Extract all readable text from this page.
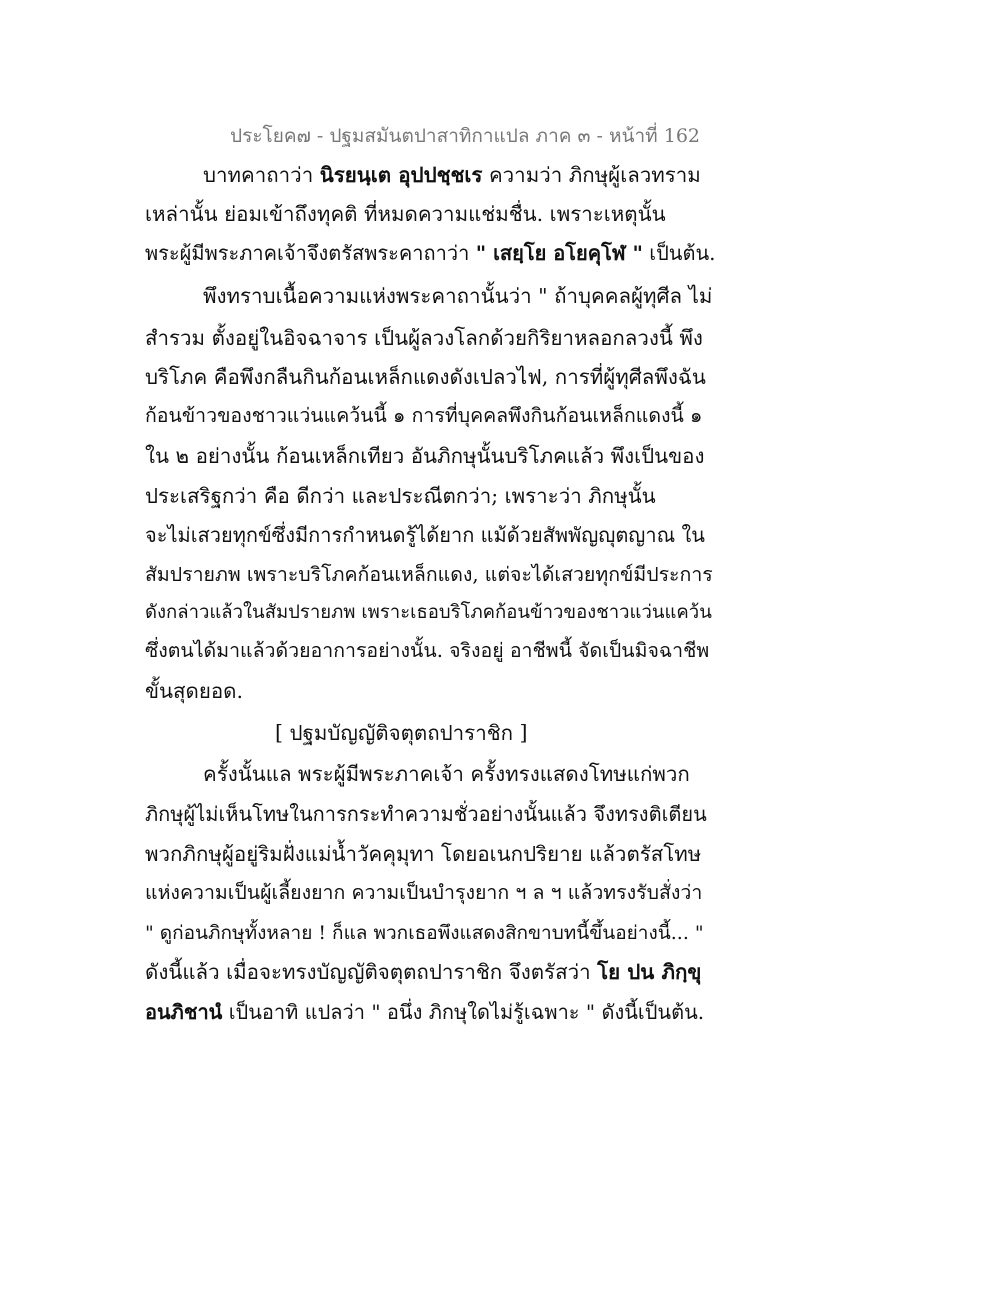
ประโยค๗ - ปฐมสมันตปาสาทิกาแปล ภาค ๓ - หน้าที่ 162
บาทคาถาว่า นิรยนฺเต อุปปชฺชเร ความว่า ภิกษุผู้เลวทราม
เหล่านั้น ย่อมเข้าถึงทุคติ ที่หมดความแช่มชื่น. เพราะเหตุนั้น
พระผู้มีพระภาคเจ้าจึงตรัสพระคาถาว่า " เสยฺโย อโยคุโฬ " เป็นต้น.
พึงทราบเนื้อความแห่งพระคาถานั้นว่า " ถ้าบุคคลผู้ทุศีล ไม่
สำรวม ตั้งอยู่ในอิจฉาจาร เป็นผู้ลวงโลกด้วยกิริยาหลอกลวงนี้ พึง
บริโภค คือพึงกลืนกินก้อนเหล็กแดงดังเปลวไฟ, การที่ผู้ทุศีลพึงฉัน
ก้อนข้าวของชาวแว่นแคว้นนี้ ๑ การที่บุคคลพึงกินก้อนเหล็กแดงนี้ ๑
ใน ๒ อย่างนั้น ก้อนเหล็กเทียว อันภิกษุนั้นบริโภคแล้ว พึงเป็นของ
ประเสริฐกว่า คือ ดีกว่า และประณีตกว่า; เพราะว่า ภิกษุนั้น
จะไม่เสวยทุกข์ซึ่งมีการกำหนดรู้ได้ยาก แม้ด้วยสัพพัญญุตญาณ ใน
สัมปรายภพ เพราะบริโภคก้อนเหล็กแดง, แต่จะได้เสวยทุกข์มีประการ
ดังกล่าวแล้วในสัมปรายภพ เพราะเธอบริโภคก้อนข้าวของชาวแว่นแคว้น
ซึ่งตนได้มาแล้วด้วยอาการอย่างนั้น. จริงอยู่ อาชีพนี้ จัดเป็นมิจฉาชีพ
ขั้นสุดยอด.
[ ปฐมบัญญัติจตุตถปาราชิก ]
ครั้งนั้นแล พระผู้มีพระภาคเจ้า ครั้งทรงแสดงโทษแก่พวก
ภิกษุผู้ไม่เห็นโทษในการกระทำความชั่วอย่างนั้นแล้ว จึงทรงติเตียน
พวกภิกษุผู้อยู่ริมฝั่งแม่น้ำวัคคุมุทา โดยอเนกปริยาย แล้วตรัสโทษ
แห่งความเป็นผู้เลี้ยงยาก ความเป็นบำรุงยาก ฯ ล ฯ แล้วทรงรับสั่งว่า
" ดูก่อนภิกษุทั้งหลาย ! ก็แล พวกเธอพึงแสดงสิกขาบทนี้ขึ้นอย่างนี้... "
ดังนี้แล้ว เมื่อจะทรงบัญญัติจตุตถปาราชิก จึงตรัสว่า โย ปน ภิกฺขุ
อนภิชานํ เป็นอาทิ แปลว่า " อนึ่ง ภิกษุใดไม่รู้เฉพาะ " ดังนี้เป็นต้น.
